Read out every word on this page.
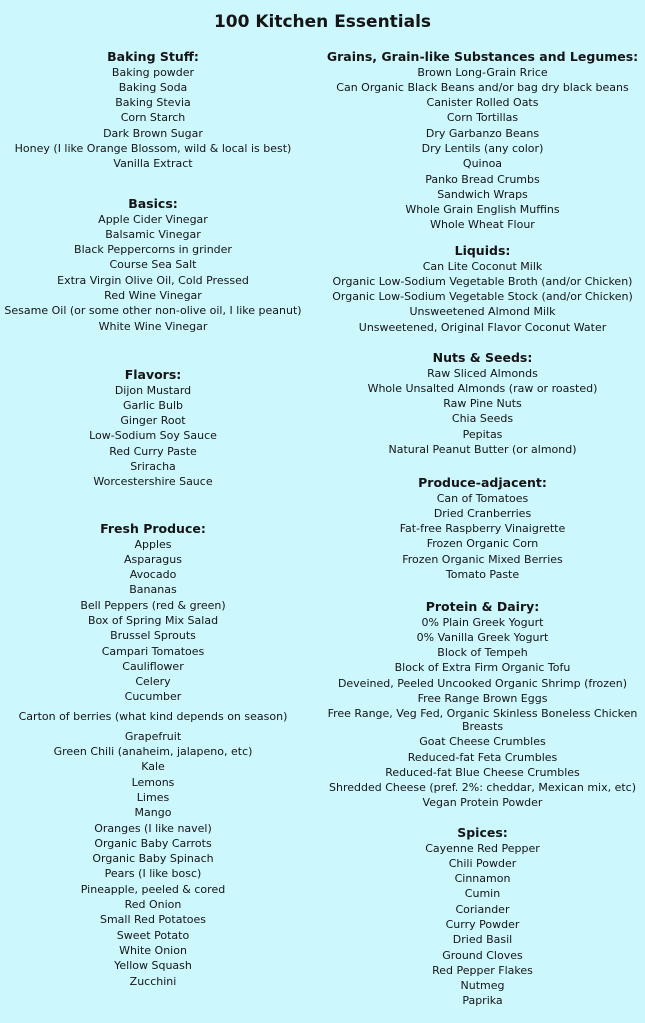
100 Kitchen Essentials
Baking Stuff:
Baking powder
Baking Soda
Baking Stevia
Corn Starch
Dark Brown Sugar
Honey (I like Orange Blossom, wild & local is best)
Vanilla Extract
Basics:
Apple Cider Vinegar
Balsamic Vinegar
Black Peppercorns in grinder
Course Sea Salt
Extra Virgin Olive Oil, Cold Pressed
Red Wine Vinegar
Sesame Oil (or some other non-olive oil, I like peanut)
White Wine Vinegar
Flavors:
Dijon Mustard
Garlic Bulb
Ginger Root
Low-Sodium Soy Sauce
Red Curry Paste
Sriracha
Worcestershire Sauce
Fresh Produce:
Apples
Asparagus
Avocado
Bananas
Bell Peppers (red & green)
Box of Spring Mix Salad
Brussel Sprouts
Campari Tomatoes
Cauliflower
Celery
Cucumber
Carton of berries (what kind depends on season)
Grapefruit
Green Chili (anaheim, jalapeno, etc)
Kale
Lemons
Limes
Mango
Oranges (I like navel)
Organic Baby Carrots
Organic Baby Spinach
Pears (I like bosc)
Pineapple, peeled & cored
Red Onion
Small Red Potatoes
Sweet Potato
White Onion
Yellow Squash
Zucchini
Grains, Grain-like Substances and Legumes:
Brown Long-Grain Rrice
Can Organic Black Beans and/or bag dry black beans
Canister Rolled Oats
Corn Tortillas
Dry Garbanzo Beans
Dry Lentils (any color)
Quinoa
Panko Bread Crumbs
Sandwich Wraps
Whole Grain English Muffins
Whole Wheat Flour
Liquids:
Can Lite Coconut Milk
Organic Low-Sodium Vegetable Broth (and/or Chicken)
Organic Low-Sodium Vegetable Stock (and/or Chicken)
Unsweetened Almond Milk
Unsweetened, Original Flavor Coconut Water
Nuts & Seeds:
Raw Sliced Almonds
Whole Unsalted Almonds (raw or roasted)
Raw Pine Nuts
Chia Seeds
Pepitas
Natural Peanut Butter (or almond)
Produce-adjacent:
Can of Tomatoes
Dried Cranberries
Fat-free Raspberry Vinaigrette
Frozen Organic Corn
Frozen Organic Mixed Berries
Tomato Paste
Protein & Dairy:
0% Plain Greek Yogurt
0% Vanilla Greek Yogurt
Block of Tempeh
Block of Extra Firm Organic Tofu
Deveined, Peeled Uncooked Organic Shrimp (frozen)
Free Range Brown Eggs
Free Range, Veg Fed, Organic Skinless Boneless Chicken Breasts
Goat Cheese Crumbles
Reduced-fat Feta Crumbles
Reduced-fat Blue Cheese Crumbles
Shredded Cheese (pref. 2%: cheddar, Mexican mix, etc)
Vegan Protein Powder
Spices:
Cayenne Red Pepper
Chili Powder
Cinnamon
Cumin
Coriander
Curry Powder
Dried Basil
Ground Cloves
Red Pepper Flakes
Nutmeg
Paprika
